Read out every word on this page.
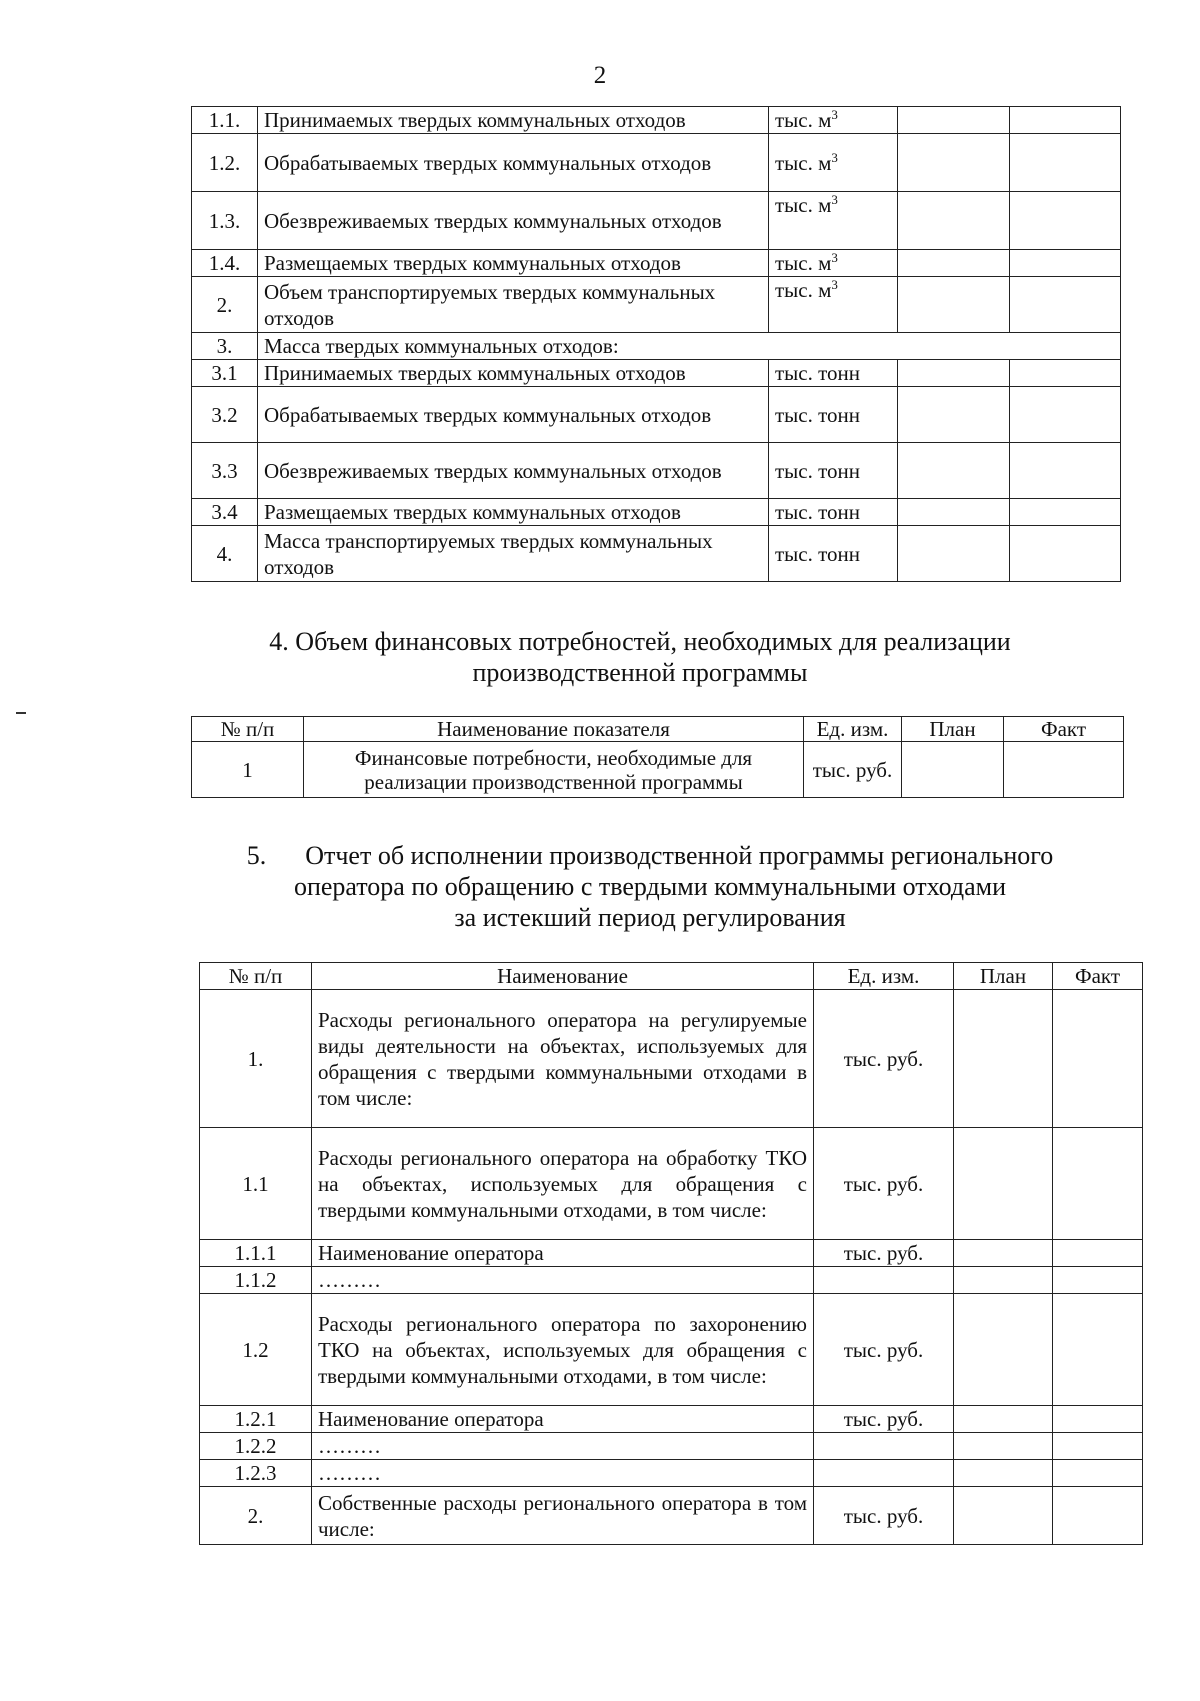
2
1.1.	Принимаемых твердых коммунальных отходов	тыс. $м^3$		
1.2.	Обрабатываемых твердых коммунальных отходов	тыс. $м^3$		
1.3.	Обезвреживаемых твердых коммунальных отходов	тыс. $м^3$		
1.4.	Размещаемых твердых коммунальных отходов	тыс. $м^3$		
2.	Объем транспортируемых твердых коммунальных отходов	тыс. $м^3$		
3.	Масса твердых коммунальных отходов:			
3.1	Принимаемых твердых коммунальных отходов	тыс. тонн		
3.2	Обрабатываемых твердых коммунальных отходов	тыс. тонн		
3.3	Обезвреживаемых твердых коммунальных отходов	тыс. тонн		
3.4	Размещаемых твердых коммунальных отходов	тыс. тонн		
4.	Масса транспортируемых твердых коммунальных отходов	тыс. тонн		
4. Объем финансовых потребностей, необходимых для реализации
производственной программы
№ п/п	Наименование показателя	Ед. изм.	План	Факт
1	Финансовые потребности, необходимые для реализации производственной программы	тыс. руб.		
5.      Отчет об исполнении производственной программы регионального
оператора по обращению с твердыми коммунальными отходами
за истекший период регулирования
№ п/п	Наименование	Ед. изм.	План	Факт
1.	Расходы регионального оператора на регулируемые виды деятельности на объектах, используемых для обращения с твердыми коммунальными отходами в том числе:	тыс. руб.		
1.1	Расходы регионального оператора на обработку ТКО на объектах, используемых для обращения с твердыми коммунальными отходами, в том числе:	тыс. руб.		
1.1.1	Наименование оператора	тыс. руб.		
1.1.2	………			
1.2	Расходы регионального оператора по захоронению ТКО на объектах, используемых для обращения с твердыми коммунальными отходами, в том числе:	тыс. руб.		
1.2.1	Наименование оператора	тыс. руб.		
1.2.2	………			
1.2.3	………			
2.	Собственные расходы регионального оператора в том числе:	тыс. руб.		
